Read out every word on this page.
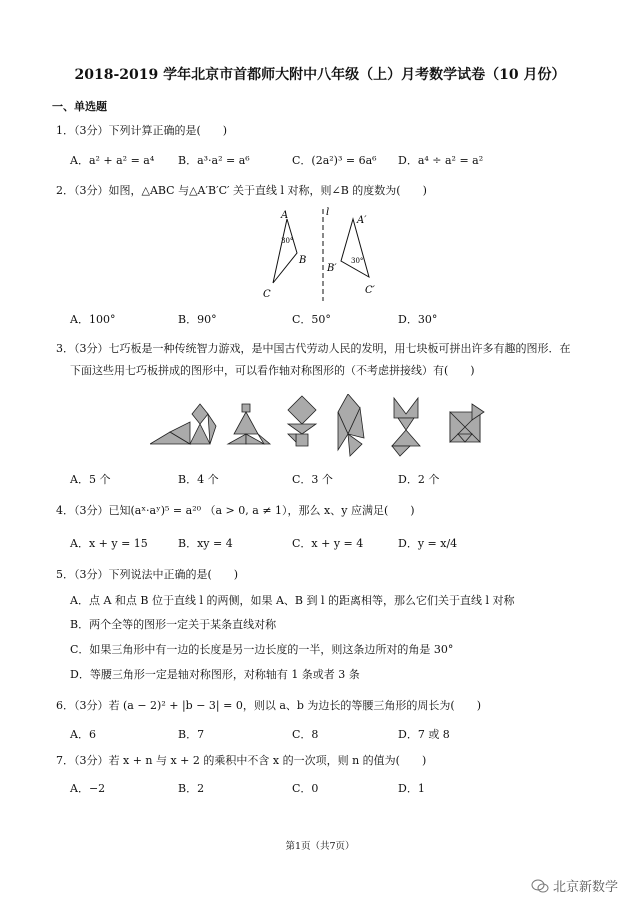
2018-2019 学年北京市首都师大附中八年级（上）月考数学试卷（10 月份）
一、单选题
1．（3分）下列计算正确的是(　　)
A．a² + a² = a⁴ B．a³·a² = a⁶	C．(2a²)³ = 6a⁶ D．a⁴ ÷ a² = a²
2．（3分）如图，△ABC 与△A′B′C′ 关于直线 l 对称，则∠B 的度数为(　　)
A
B
C
A′
B′
C′
l
30°
30°
A．100°	B．90°	C．50°	D．30°
3．（3分）七巧板是一种传统智力游戏，是中国古代劳动人民的发明，用七块板可拼出许多有趣的图形．在
下面这些用七巧板拼成的图形中，可以看作轴对称图形的（不考虑拼接线）有(　　)
A．5 个	B．4 个	C．3 个	D．2 个
4．（3分）已知(aˣ·aʸ)⁵ = a²⁰ （a > 0, a ≠ 1），那么 x、y 应满足(　　)
A．x + y = 15	B．xy = 4	C．x + y = 4	D．y = x/4
5．（3分）下列说法中正确的是(　　)
A．点 A 和点 B 位于直线 l 的两侧，如果 A、B 到 l 的距离相等，那么它们关于直线 l 对称
B．两个全等的图形一定关于某条直线对称
C．如果三角形中有一边的长度是另一边长度的一半，则这条边所对的角是 30°
D．等腰三角形一定是轴对称图形，对称轴有 1 条或者 3 条
6．（3分）若 (a − 2)² + |b − 3| = 0，则以 a、b 为边长的等腰三角形的周长为(　　)
A．6	B．7	C．8	D．7 或 8
7．（3分）若 x + n 与 x + 2 的乘积中不含 x 的一次项，则 n 的值为(　　)
A．−2	B．2	C．0	D．1
第1页（共7页）
北京新数学
